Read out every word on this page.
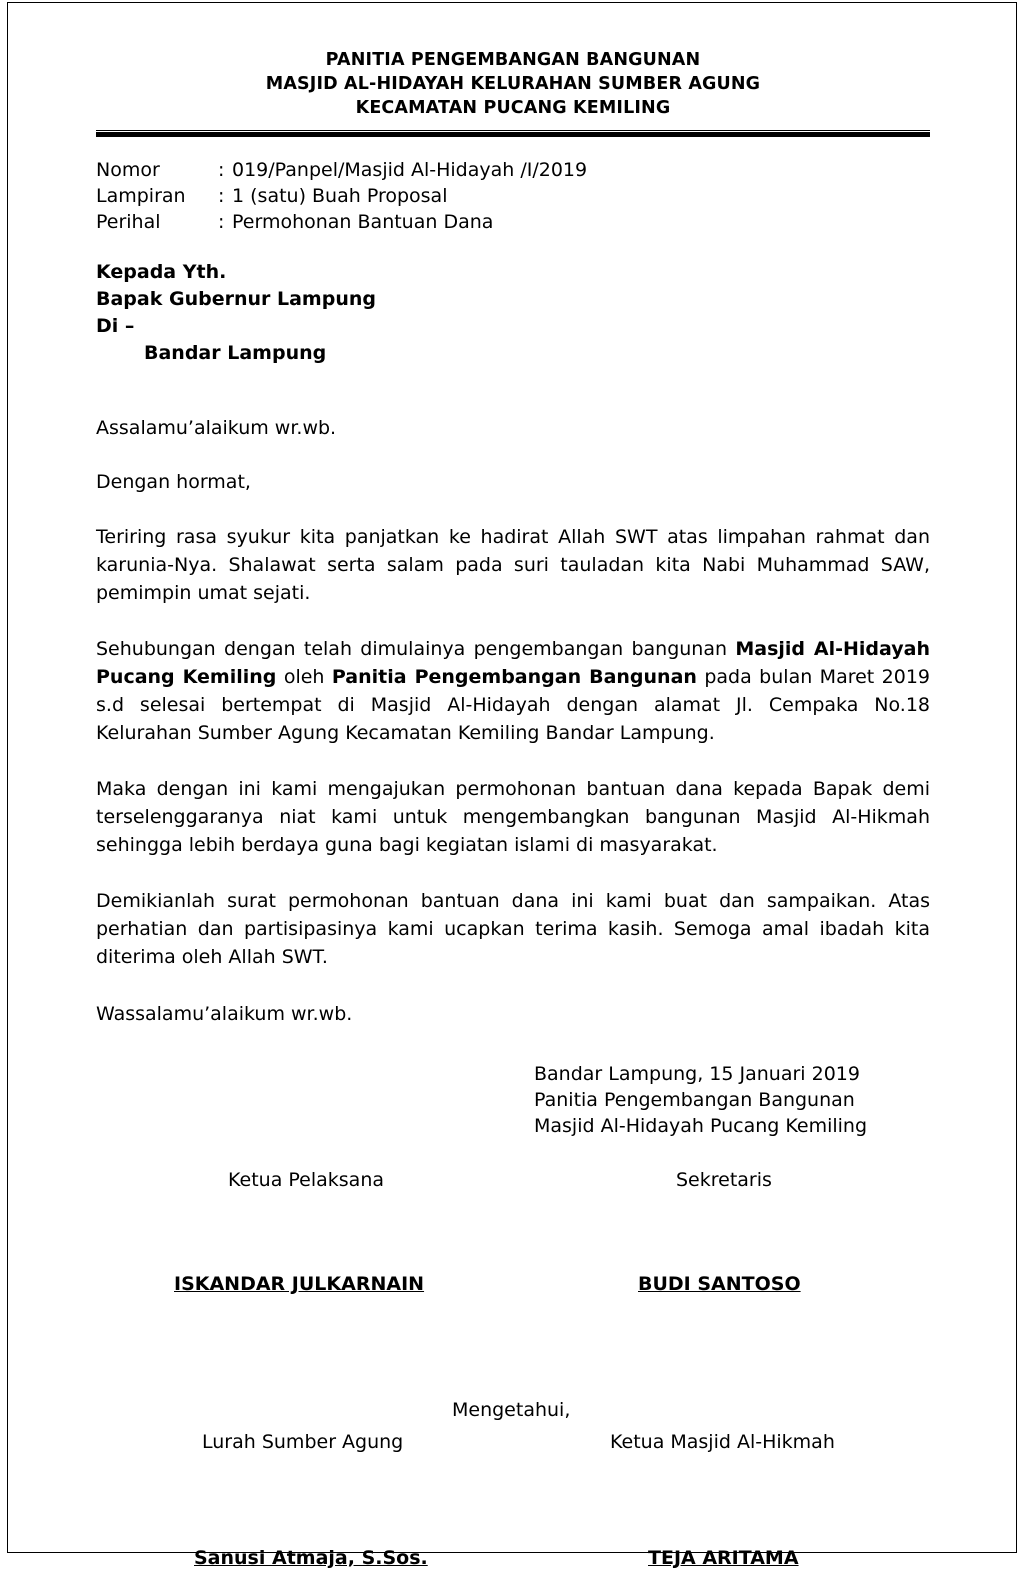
PANITIA PENGEMBANGAN BANGUNAN
MASJID AL-HIDAYAH KELURAHAN SUMBER AGUNG
KECAMATAN PUCANG KEMILING
Nomor	: 019/Panpel/Masjid Al-Hidayah /I/2019
Lampiran	: 1 (satu) Buah Proposal
Perihal	: Permohonan Bantuan Dana
Kepada Yth.
Bapak Gubernur Lampung
Di –
Bandar Lampung
Assalamu’alaikum wr.wb.
Dengan hormat,

Teriring rasa syukur kita panjatkan ke hadirat Allah SWT atas limpahan rahmat dan karunia-Nya. Shalawat serta salam pada suri tauladan kita Nabi Muhammad SAW, pemimpin umat sejati.

Sehubungan dengan telah dimulainya pengembangan bangunan Masjid Al-Hidayah Pucang Kemiling oleh Panitia Pengembangan Bangunan pada bulan Maret 2019 s.d selesai bertempat di Masjid Al-Hidayah dengan alamat Jl. Cempaka No.18 Kelurahan Sumber Agung Kecamatan Kemiling Bandar Lampung.

Maka dengan ini kami mengajukan permohonan bantuan dana kepada Bapak demi terselenggaranya niat kami untuk mengembangkan bangunan Masjid Al-Hikmah sehingga lebih berdaya guna bagi kegiatan islami di masyarakat.

Demikianlah surat permohonan bantuan dana ini kami buat dan sampaikan. Atas perhatian dan partisipasinya kami ucapkan terima kasih. Semoga amal ibadah kita diterima oleh Allah SWT.

Wassalamu’alaikum wr.wb.
Bandar Lampung, 15 Januari 2019
Panitia Pengembangan Bangunan
Masjid Al-Hidayah Pucang Kemiling
Ketua Pelaksana	Sekretaris
ISKANDAR JULKARNAIN	BUDI SANTOSO
Mengetahui,
Lurah Sumber Agung	Ketua Masjid Al-Hikmah
Sanusi Atmaja, S.Sos.	TEJA ARITAMA
